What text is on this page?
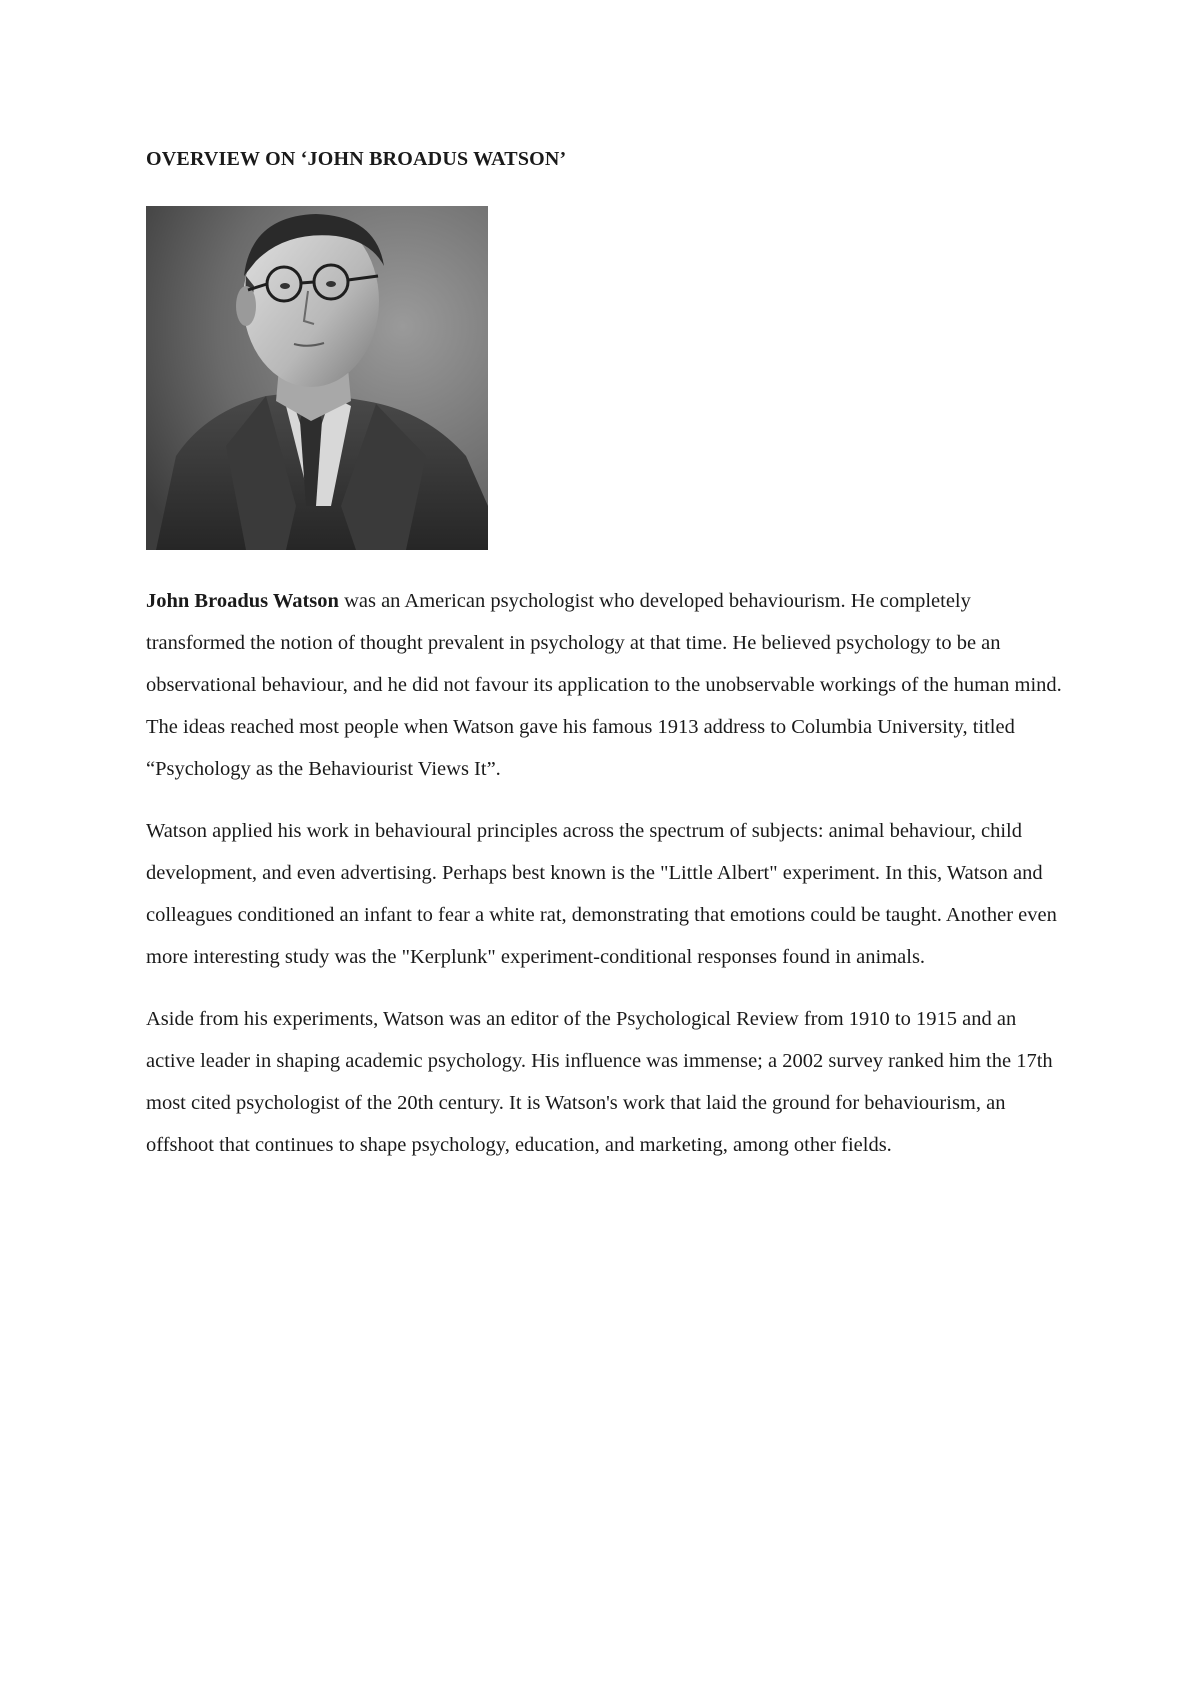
OVERVIEW ON ‘JOHN BROADUS WATSON’

John Broadus Watson was an American psychologist who developed behaviourism. He completely transformed the notion of thought prevalent in psychology at that time. He believed psychology to be an observational behaviour, and he did not favour its application to the unobservable workings of the human mind. The ideas reached most people when Watson gave his famous 1913 address to Columbia University, titled “Psychology as the Behaviourist Views It”.

Watson applied his work in behavioural principles across the spectrum of subjects: animal behaviour, child development, and even advertising. Perhaps best known is the "Little Albert" experiment. In this, Watson and colleagues conditioned an infant to fear a white rat, demonstrating that emotions could be taught. Another even more interesting study was the "Kerplunk" experiment-conditional responses found in animals.

Aside from his experiments, Watson was an editor of the Psychological Review from 1910 to 1915 and an active leader in shaping academic psychology. His influence was immense; a 2002 survey ranked him the 17th most cited psychologist of the 20th century. It is Watson's work that laid the ground for behaviourism, an offshoot that continues to shape psychology, education, and marketing, among other fields.
